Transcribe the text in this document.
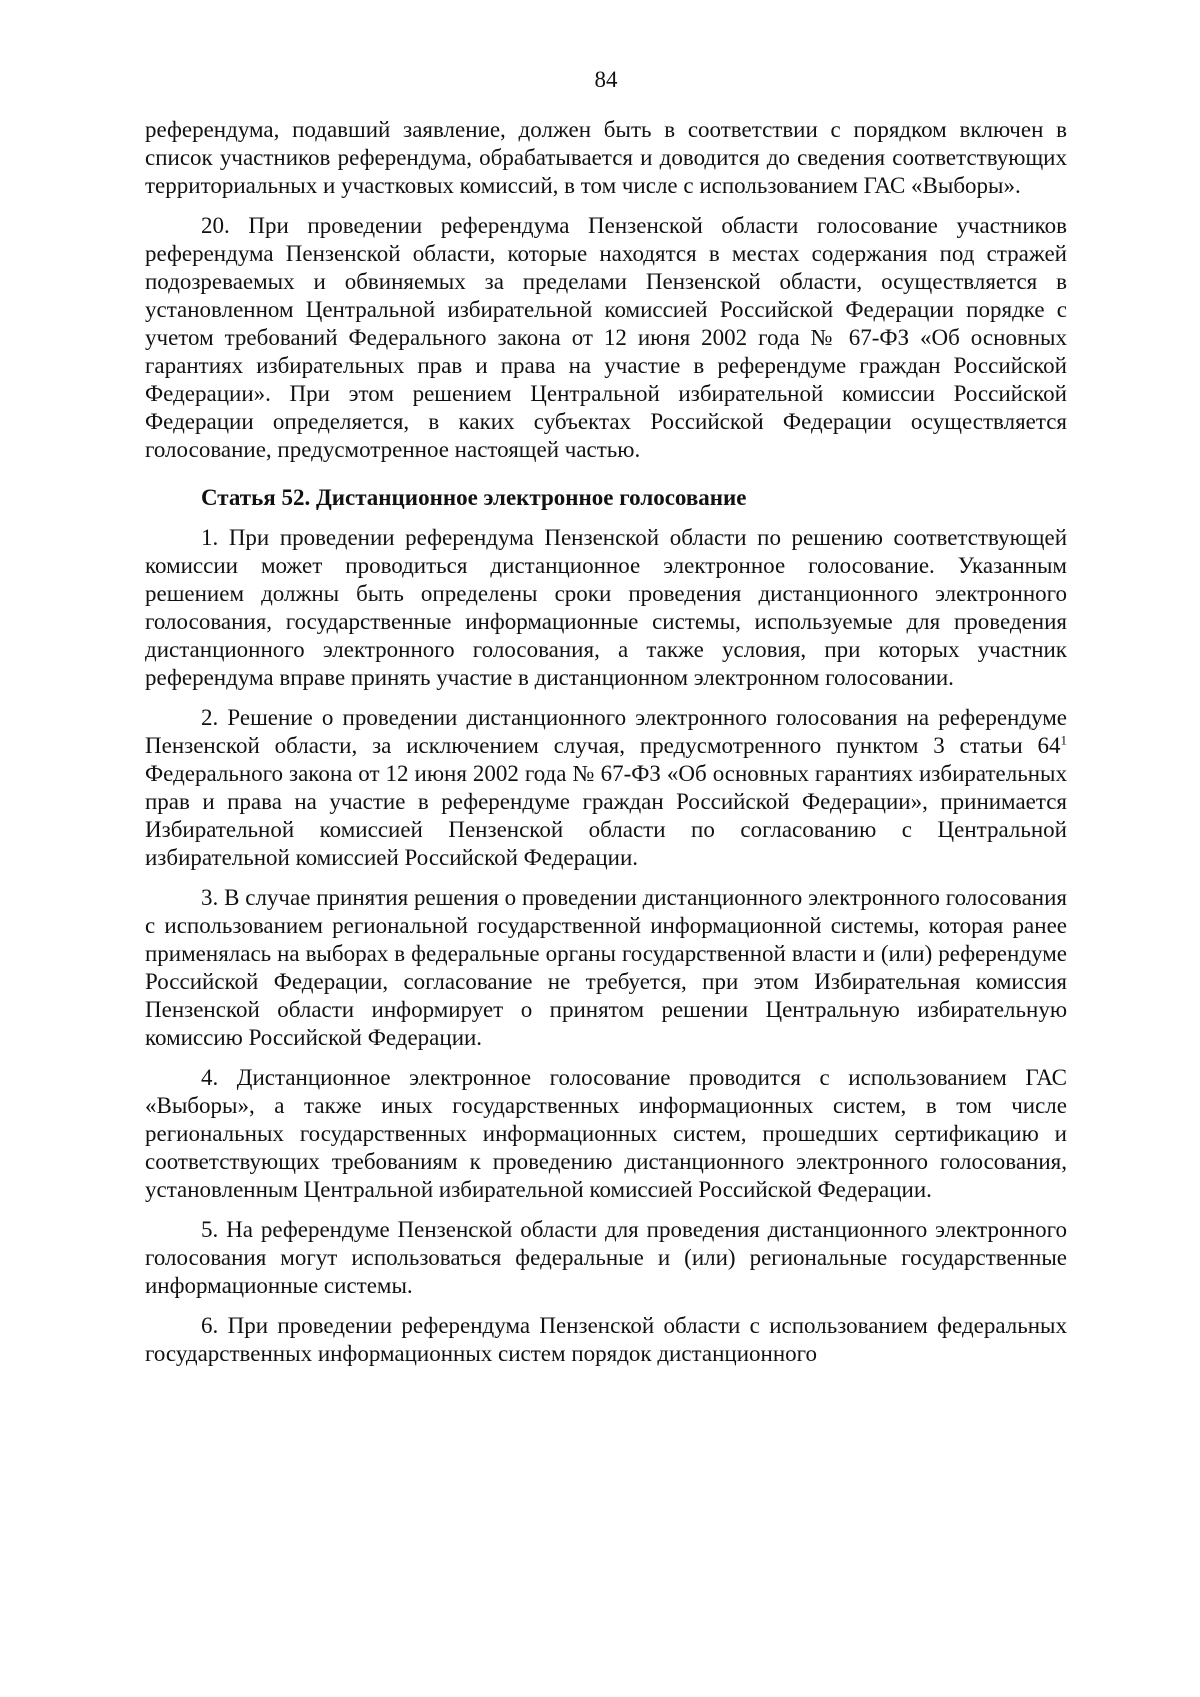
84

референдума, подавший заявление, должен быть в соответствии с порядком включен в список участников референдума, обрабатывается и доводится до сведения соответствующих территориальных и участковых комиссий, в том числе с использованием ГАС «Выборы».

20. При проведении референдума Пензенской области голосование участников референдума Пензенской области, которые находятся в местах содержания под стражей подозреваемых и обвиняемых за пределами Пензенской области, осуществляется в установленном Центральной избирательной комиссией Российской Федерации порядке с учетом требований Федерального закона от 12 июня 2002 года № 67-ФЗ «Об основных гарантиях избирательных прав и права на участие в референдуме граждан Российской Федерации». При этом решением Центральной избирательной комиссии Российской Федерации определяется, в каких субъектах Российской Федерации осуществляется голосование, предусмотренное настоящей частью.

Статья 52. Дистанционное электронное голосование

1. При проведении референдума Пензенской области по решению соответствующей комиссии может проводиться дистанционное электронное голосование. Указанным решением должны быть определены сроки проведения дистанционного электронного голосования, государственные информационные системы, используемые для проведения дистанционного электронного голосования, а также условия, при которых участник референдума вправе принять участие в дистанционном электронном голосовании.

2. Решение о проведении дистанционного электронного голосования на референдуме Пензенской области, за исключением случая, предусмотренного пунктом 3 статьи $64^1$ Федерального закона от 12 июня 2002 года № 67-ФЗ «Об основных гарантиях избирательных прав и права на участие в референдуме граждан Российской Федерации», принимается Избирательной комиссией Пензенской области по согласованию с Центральной избирательной комиссией Российской Федерации.

3. В случае принятия решения о проведении дистанционного электронного голосования с использованием региональной государственной информационной системы, которая ранее применялась на выборах в федеральные органы государственной власти и (или) референдуме Российской Федерации, согласование не требуется, при этом Избирательная комиссия Пензенской области информирует о принятом решении Центральную избирательную комиссию Российской Федерации.

4. Дистанционное электронное голосование проводится с использованием ГАС «Выборы», а также иных государственных информационных систем, в том числе региональных государственных информационных систем, прошедших сертификацию и соответствующих требованиям к проведению дистанционного электронного голосования, установленным Центральной избирательной комиссией Российской Федерации.

5. На референдуме Пензенской области для проведения дистанционного электронного голосования могут использоваться федеральные и (или) региональные государственные информационные системы.

6. При проведении референдума Пензенской области с использованием федеральных государственных информационных систем порядок дистанционного
